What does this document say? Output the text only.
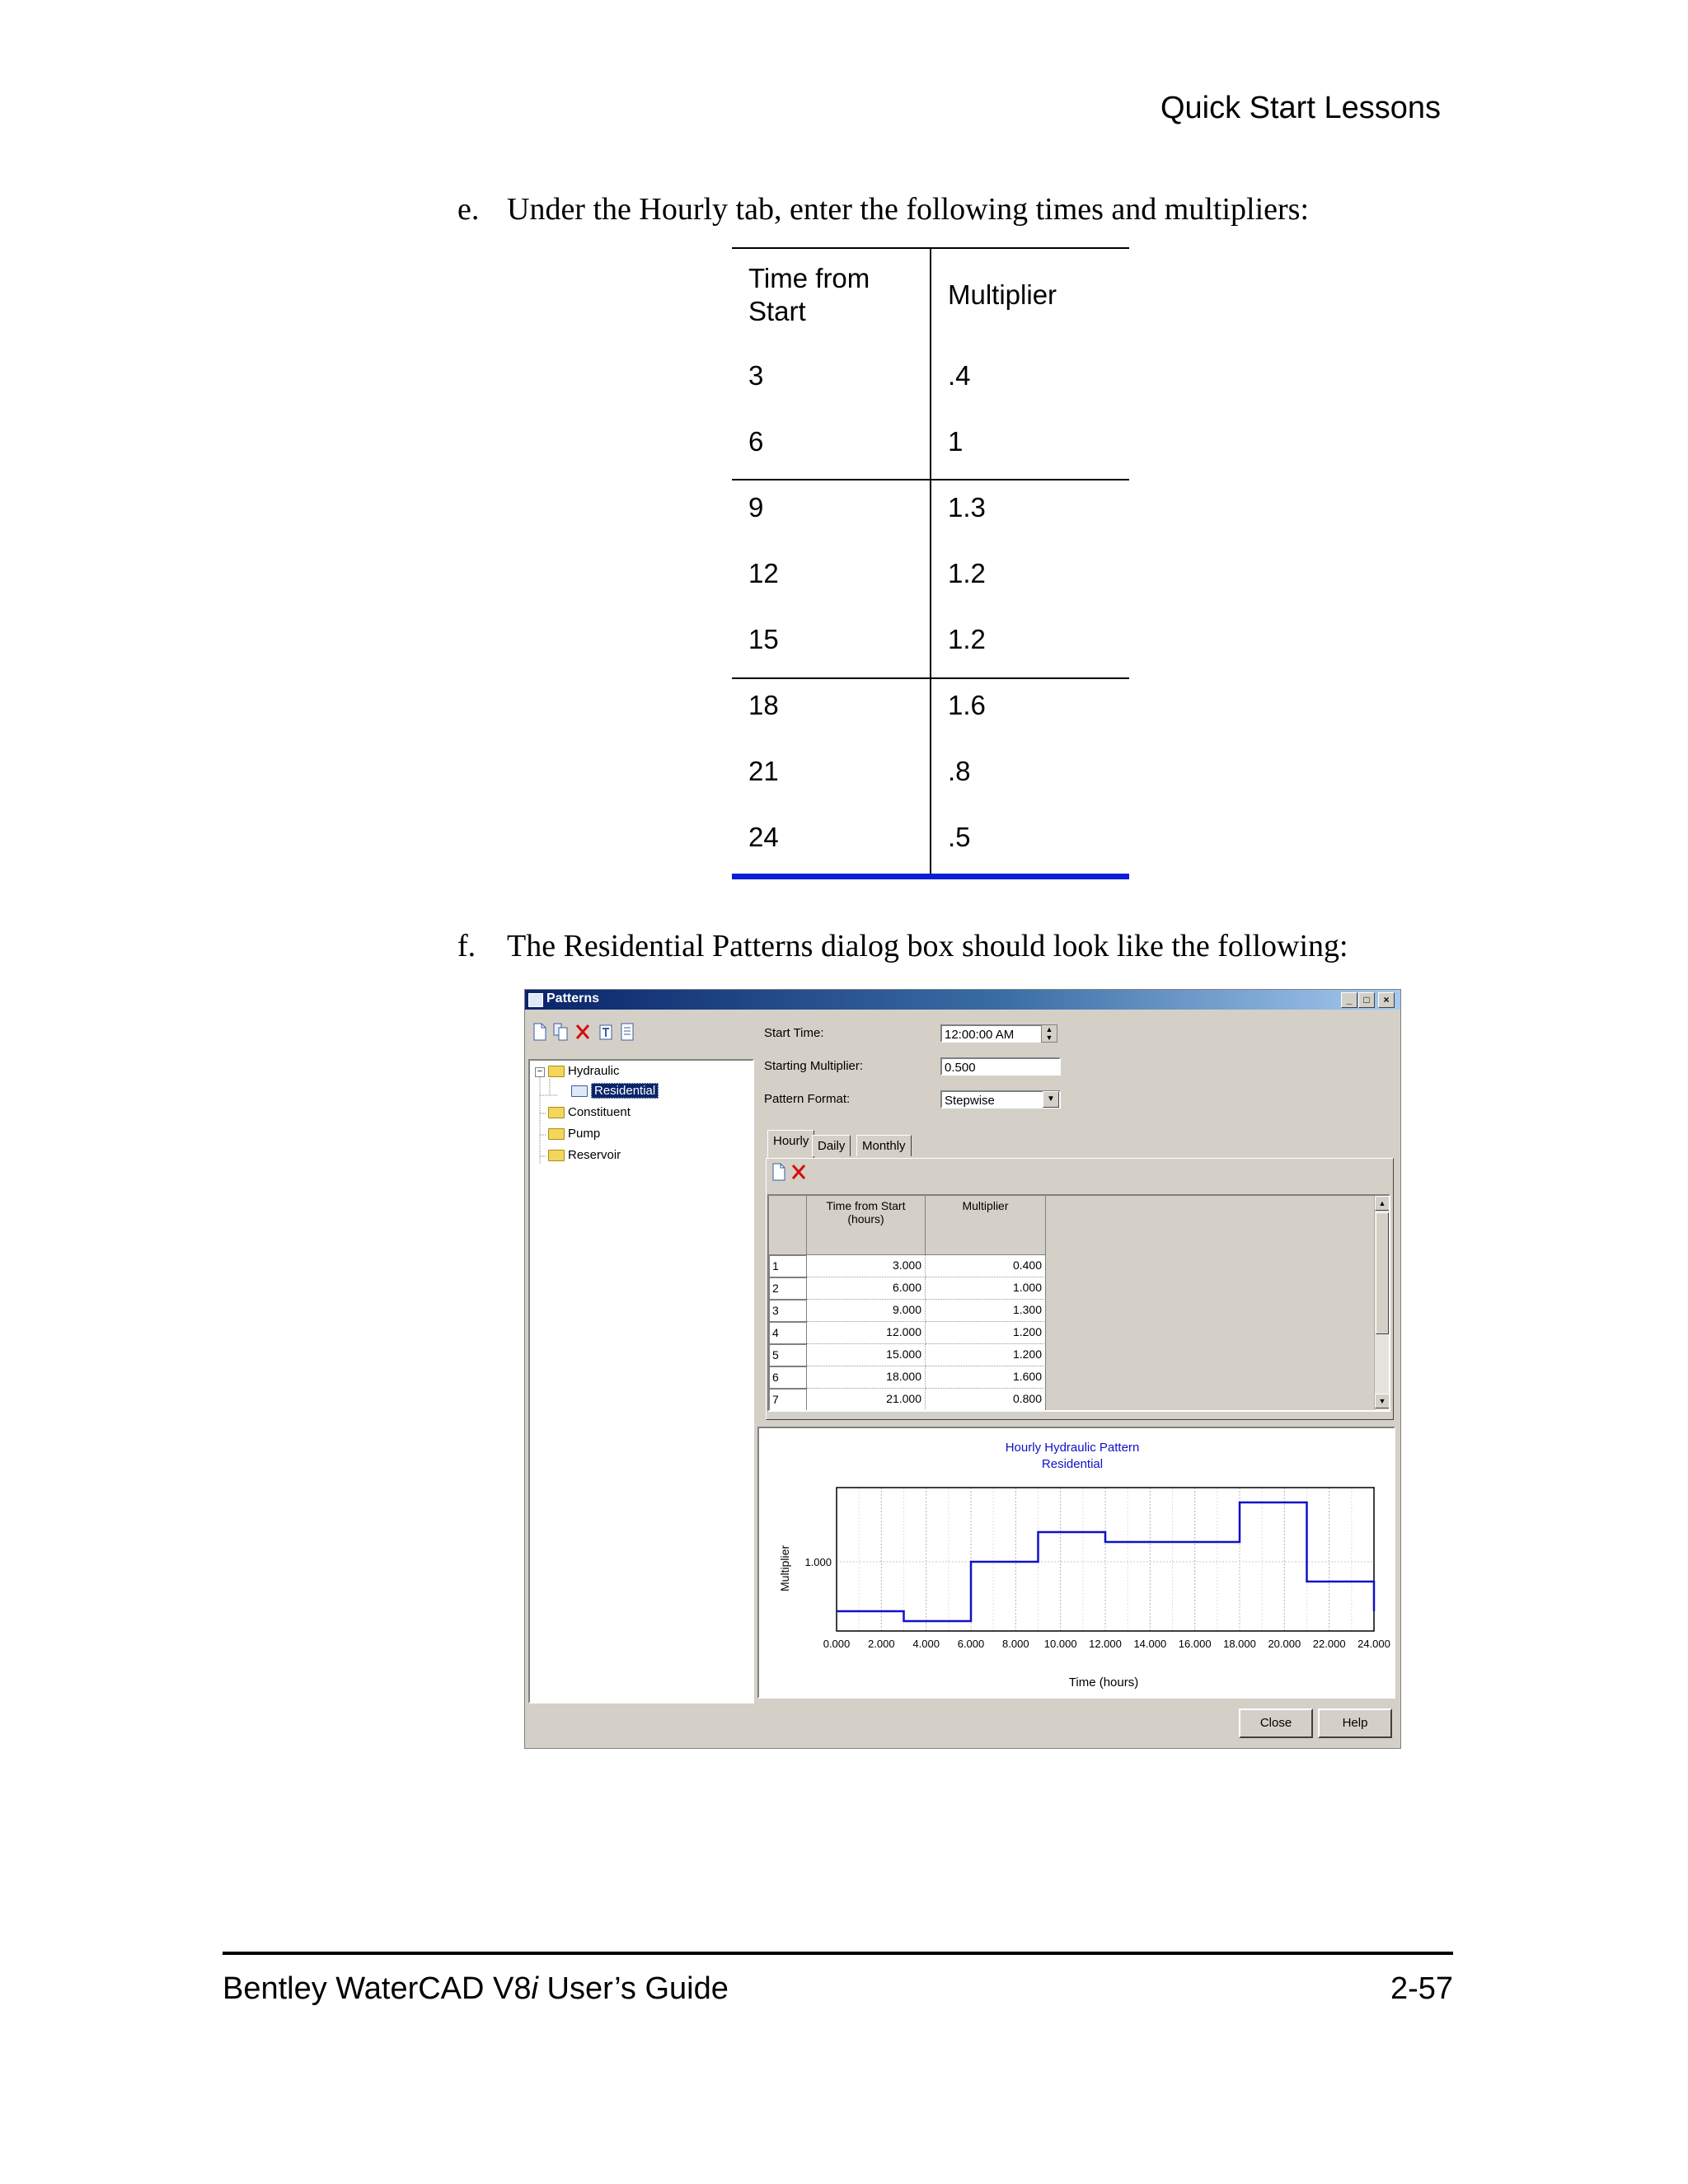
Quick Start Lessons
e. Under the Hourly tab, enter the following times and multipliers:
Time from Start
Multiplier
3	.4
6	1
9	1.3
12	1.2
15	1.2
18	1.6
21	.8
24	.5
f. The Residential Patterns dialog box should look like the following:
Patterns	_	□	×
−	Hydraulic
Residential
Constituent
Pump
Reservoir
Start Time:	12:00:00 AM	▲
▼
Starting Multiplier:	0.500
Pattern Format:	Stepwise	▼
Hourly Daily	Monthly
Time from Start
(hours)
Multiplier
1	3.000	0.400
2	6.000	1.000
3	9.000	1.300
4	12.000	1.200
5	15.000	1.200
6	18.000	1.600
7	21.000	0.800
▲
▼
Hourly Hydraulic Pattern
Residential
Time (hours)
Multiplier
0.000 2.000 4.000 6.000 8.000 10.000 12.000 14.000 16.000 18.000 20.000 22.000 24.000
1.000
Close	Help
Bentley WaterCAD V8i User’s Guide	2-57
